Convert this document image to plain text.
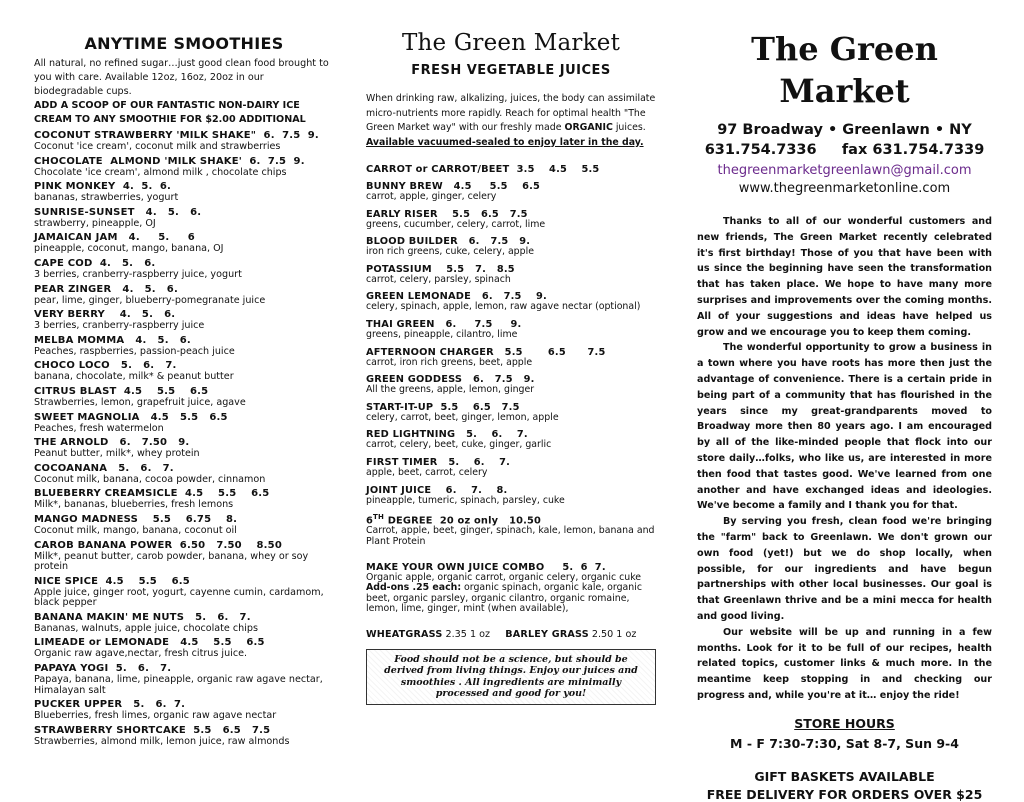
ANYTIME SMOOTHIES
All natural, no refined sugar…just good clean food brought to you with care. Available 12oz, 16oz, 20oz in our biodegradable cups.
ADD A SCOOP OF OUR FANTASTIC NON-DAIRY ICE CREAM TO ANY SMOOTHIE FOR $2.00 ADDITIONAL
COCONUT STRAWBERRY 'MILK SHAKE"  6.  7.5  9.
Coconut 'ice cream', coconut milk and strawberries
CHOCOLATE  ALMOND 'MILK SHAKE'  6.  7.5  9.
Chocolate 'ice cream', almond milk , chocolate chips
PINK MONKEY  4.  5.  6.
bananas, strawberries, yogurt
SUNRISE-SUNSET   4.   5.   6.
strawberry, pineapple, OJ
JAMAICAN JAM   4.     5.     6
pineapple, coconut, mango, banana, OJ
CAPE COD  4.   5.   6.
3 berries, cranberry-raspberry juice, yogurt
PEAR ZINGER   4.   5.   6.
pear, lime, ginger, blueberry-pomegranate juice
VERY BERRY    4.   5.   6.
3 berries, cranberry-raspberry juice
MELBA MOMMA   4.   5.   6.
Peaches, raspberries, passion-peach juice
CHOCO LOCO   5.   6.   7.
banana, chocolate, milk* & peanut butter
CITRUS BLAST  4.5    5.5    6.5
Strawberries, lemon, grapefruit juice, agave
SWEET MAGNOLIA   4.5   5.5   6.5
Peaches, fresh watermelon
THE ARNOLD   6.   7.50   9.
Peanut butter, milk*, whey protein
COCOANANA   5.   6.   7.
Coconut milk, banana, cocoa powder, cinnamon
BLUEBERRY CREAMSICLE  4.5    5.5    6.5
Milk*, bananas, blueberries, fresh lemons
MANGO MADNESS    5.5    6.75    8.
Coconut milk, mango, banana, coconut oil
CAROB BANANA POWER  6.50   7.50    8.50
Milk*, peanut butter, carob powder, banana, whey or soy protein
NICE SPICE  4.5    5.5    6.5
Apple juice, ginger root, yogurt, cayenne cumin, cardamom, black pepper
BANANA MAKIN' ME NUTS   5.   6.   7.
Bananas, walnuts, apple juice, chocolate chips
LIMEADE or LEMONADE   4.5    5.5    6.5
Organic raw agave,nectar, fresh citrus juice.
PAPAYA YOGI  5.   6.   7.
Papaya, banana, lime, pineapple, organic raw agave nectar, Himalayan salt
PUCKER UPPER   5.   6.  7.
Blueberries, fresh limes, organic raw agave nectar
STRAWBERRY SHORTCAKE  5.5   6.5   7.5
Strawberries, almond milk, lemon juice, raw almonds
The Green Market
FRESH VEGETABLE JUICES
When drinking raw, alkalizing, juices, the body can assimilate micro-nutrients more rapidly. Reach for optimal health "The Green Market way" with our freshly made ORGANIC juices.
Available vacuumed-sealed to enjoy later in the day.
CARROT or CARROT/BEET  3.5    4.5    5.5
BUNNY BREW   4.5     5.5    6.5
carrot, apple, ginger, celery
EARLY RISER    5.5   6.5   7.5
greens, cucumber, celery, carrot, lime
BLOOD BUILDER   6.   7.5   9.
iron rich greens, cuke, celery, apple
POTASSIUM    5.5   7.   8.5
carrot, celery, parsley, spinach
GREEN LEMONADE   6.   7.5    9.
celery, spinach, apple, lemon, raw agave nectar (optional)
THAI GREEN   6.     7.5     9.
greens, pineapple, cilantro, lime
AFTERNOON CHARGER   5.5       6.5      7.5
carrot, iron rich greens, beet, apple
GREEN GODDESS   6.   7.5   9.
All the greens, apple, lemon, ginger
START-IT-UP  5.5    6.5   7.5
celery, carrot, beet, ginger, lemon, apple
RED LIGHTNING   5.    6.    7.
carrot, celery, beet, cuke, ginger, garlic
FIRST TIMER   5.    6.    7.
apple, beet, carrot, celery
JOINT JUICE    6.    7.    8.
pineapple, tumeric, spinach, parsley, cuke
6TH DEGREE  20 oz only   10.50
Carrot, apple, beet, ginger, spinach, kale, lemon, banana and Plant Protein
MAKE YOUR OWN JUICE COMBO     5.  6  7.
Organic apple, organic carrot, organic celery, organic cuke
Add-ons .25 each: organic spinach, organic kale, organic beet, organic parsley, organic cilantro, organic romaine, lemon, lime, ginger, mint (when available),
WHEATGRASS 2.35 1 oz BARLEY GRASS 2.50 1 oz
Food should not be a science, but should be derived from living things. Enjoy our juices and smoothies . All ingredients are minimally processed and good for you!
The Green Market
97 Broadway • Greenlawn • NY
631.754.7336 fax 631.754.7339
thegreenmarketgreenlawn@gmail.com
www.thegreenmarketonline.com

Thanks to all of our wonderful customers and new friends, The Green Market recently celebrated it's first birthday! Those of you that have been with us since the beginning have seen the transformation that has taken place. We hope to have many more surprises and improvements over the coming months. All of your suggestions and ideas have helped us grow and we encourage you to keep them coming.

The wonderful opportunity to grow a business in a town where you have roots has more then just the advantage of convenience. There is a certain pride in being part of a community that has flourished in the years since my great-grandparents moved to Broadway more then 80 years ago. I am encouraged by all of the like-minded people that flock into our store daily…folks, who like us, are interested in more then food that tastes good. We've learned from one another and have exchanged ideas and ideologies. We've become a family and I thank you for that.

By serving you fresh, clean food we're bringing the "farm" back to Greenlawn. We don't grown our own food (yet!) but we do shop locally, when possible, for our ingredients and have begun partnerships with other local businesses. Our goal is that Greenlawn thrive and be a mini mecca for health and good living.

Our website will be up and running in a few months. Look for it to be full of our recipes, health related topics, customer links & much more. In the meantime keep stopping in and checking our progress and, while you're at it… enjoy the ride!

STORE HOURS
M - F 7:30-7:30, Sat 8-7, Sun 9-4
GIFT BASKETS AVAILABLE
FREE DELIVERY FOR ORDERS OVER $25
